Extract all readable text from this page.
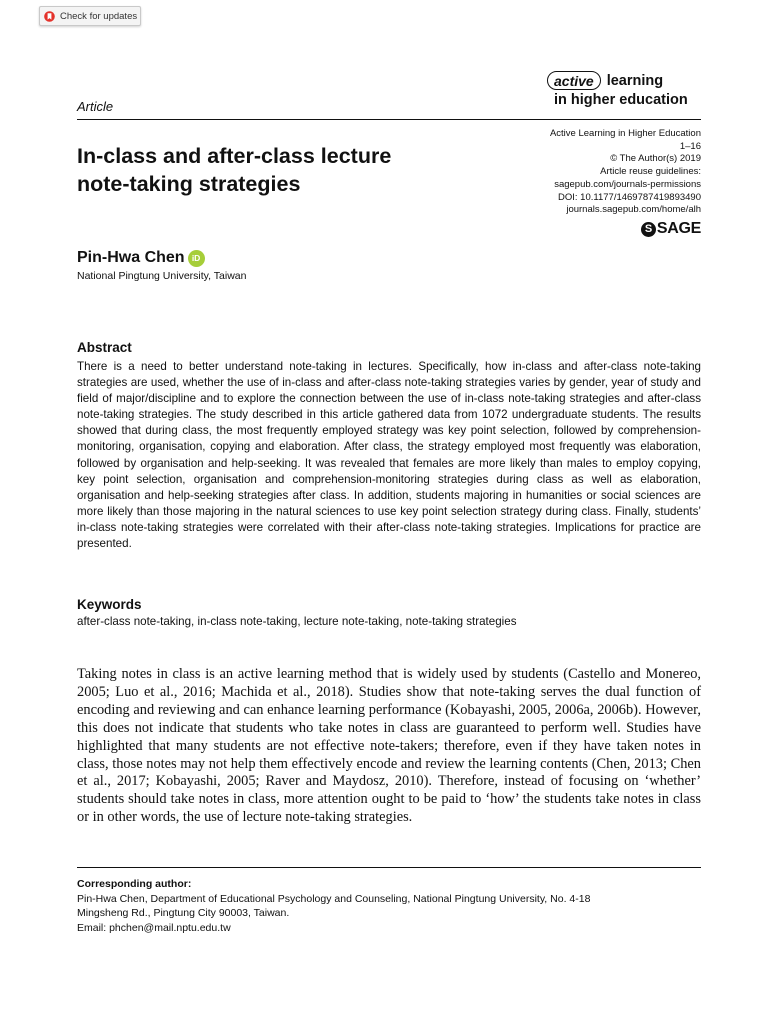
Check for updates
active learning
in higher education
Article
In-class and after-class lecture
note-taking strategies
Active Learning in Higher Education
1–16
© The Author(s) 2019
Article reuse guidelines:
sagepub.com/journals-permissions
DOI: 10.1177/1469787419893490
journals.sagepub.com/home/alh
S SAGE
Pin-Hwa Chen iD
National Pingtung University, Taiwan
Abstract
There is a need to better understand note-taking in lectures. Specifically, how in-class and after-class note-taking strategies are used, whether the use of in-class and after-class note-taking strategies varies by gender, year of study and field of major/discipline and to explore the connection between the use of in-class note-taking strategies and after-class note-taking strategies. The study described in this article gathered data from 1072 undergraduate students. The results showed that during class, the most frequently employed strategy was key point selection, followed by comprehension-monitoring, organisation, copying and elaboration. After class, the strategy employed most frequently was elaboration, followed by organisation and help-seeking. It was revealed that females are more likely than males to employ copying, key point selection, organisation and comprehension-monitoring strategies during class as well as elaboration, organisation and help-seeking strategies after class. In addition, students majoring in humanities or social sciences are more likely than those majoring in the natural sciences to use key point selection strategy during class. Finally, students’ in-class note-taking strategies were correlated with their after-class note-taking strategies. Implications for practice are presented.
Keywords
after-class note-taking, in-class note-taking, lecture note-taking, note-taking strategies
Taking notes in class is an active learning method that is widely used by students (Castello and Monereo, 2005; Luo et al., 2016; Machida et al., 2018). Studies show that note-taking serves the dual function of encoding and reviewing and can enhance learning performance (Kobayashi, 2005, 2006a, 2006b). However, this does not indicate that students who take notes in class are guaranteed to perform well. Studies have highlighted that many students are not effective note-takers; therefore, even if they have taken notes in class, those notes may not help them effectively encode and review the learning contents (Chen, 2013; Chen et al., 2017; Kobayashi, 2005; Raver and Maydosz, 2010). Therefore, instead of focusing on ‘whether’ students should take notes in class, more attention ought to be paid to ‘how’ the students take notes in class or in other words, the use of lecture note-taking strategies.
Corresponding author:
Pin-Hwa Chen, Department of Educational Psychology and Counseling, National Pingtung University, No. 4-18
Mingsheng Rd., Pingtung City 90003, Taiwan.
Email: phchen@mail.nptu.edu.tw
